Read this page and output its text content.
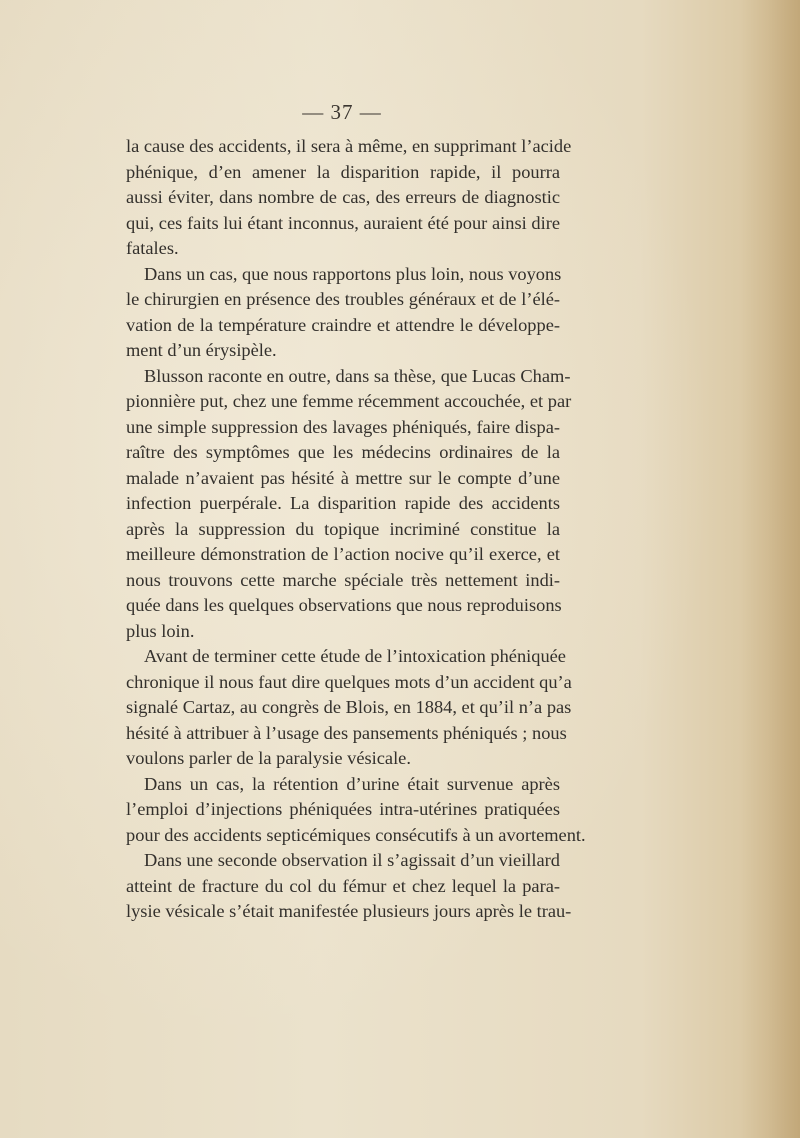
— 37 —
la cause des accidents, il sera à même, en supprimant l’acide
phénique, d’en amener la disparition rapide, il pourra
aussi éviter, dans nombre de cas, des erreurs de diagnostic
qui, ces faits lui étant inconnus, auraient été pour ainsi dire
fatales.
Dans un cas, que nous rapportons plus loin, nous voyons
le chirurgien en présence des troubles généraux et de l’élé-
vation de la température craindre et attendre le développe-
ment d’un érysipèle.
Blusson raconte en outre, dans sa thèse, que Lucas Cham-
pionnière put, chez une femme récemment accouchée, et par
une simple suppression des lavages phéniqués, faire dispa-
raître des symptômes que les médecins ordinaires de la
malade n’avaient pas hésité à mettre sur le compte d’une
infection puerpérale. La disparition rapide des accidents
après la suppression du topique incriminé constitue la
meilleure démonstration de l’action nocive qu’il exerce, et
nous trouvons cette marche spéciale très nettement indi-
quée dans les quelques observations que nous reproduisons
plus loin.
Avant de terminer cette étude de l’intoxication phéniquée
chronique il nous faut dire quelques mots d’un accident qu’a
signalé Cartaz, au congrès de Blois, en 1884, et qu’il n’a pas
hésité à attribuer à l’usage des pansements phéniqués ; nous
voulons parler de la paralysie vésicale.
Dans un cas, la rétention d’urine était survenue après
l’emploi d’injections phéniquées intra-utérines pratiquées
pour des accidents septicémiques consécutifs à un avortement.
Dans une seconde observation il s’agissait d’un vieillard
atteint de fracture du col du fémur et chez lequel la para-
lysie vésicale s’était manifestée plusieurs jours après le trau-
